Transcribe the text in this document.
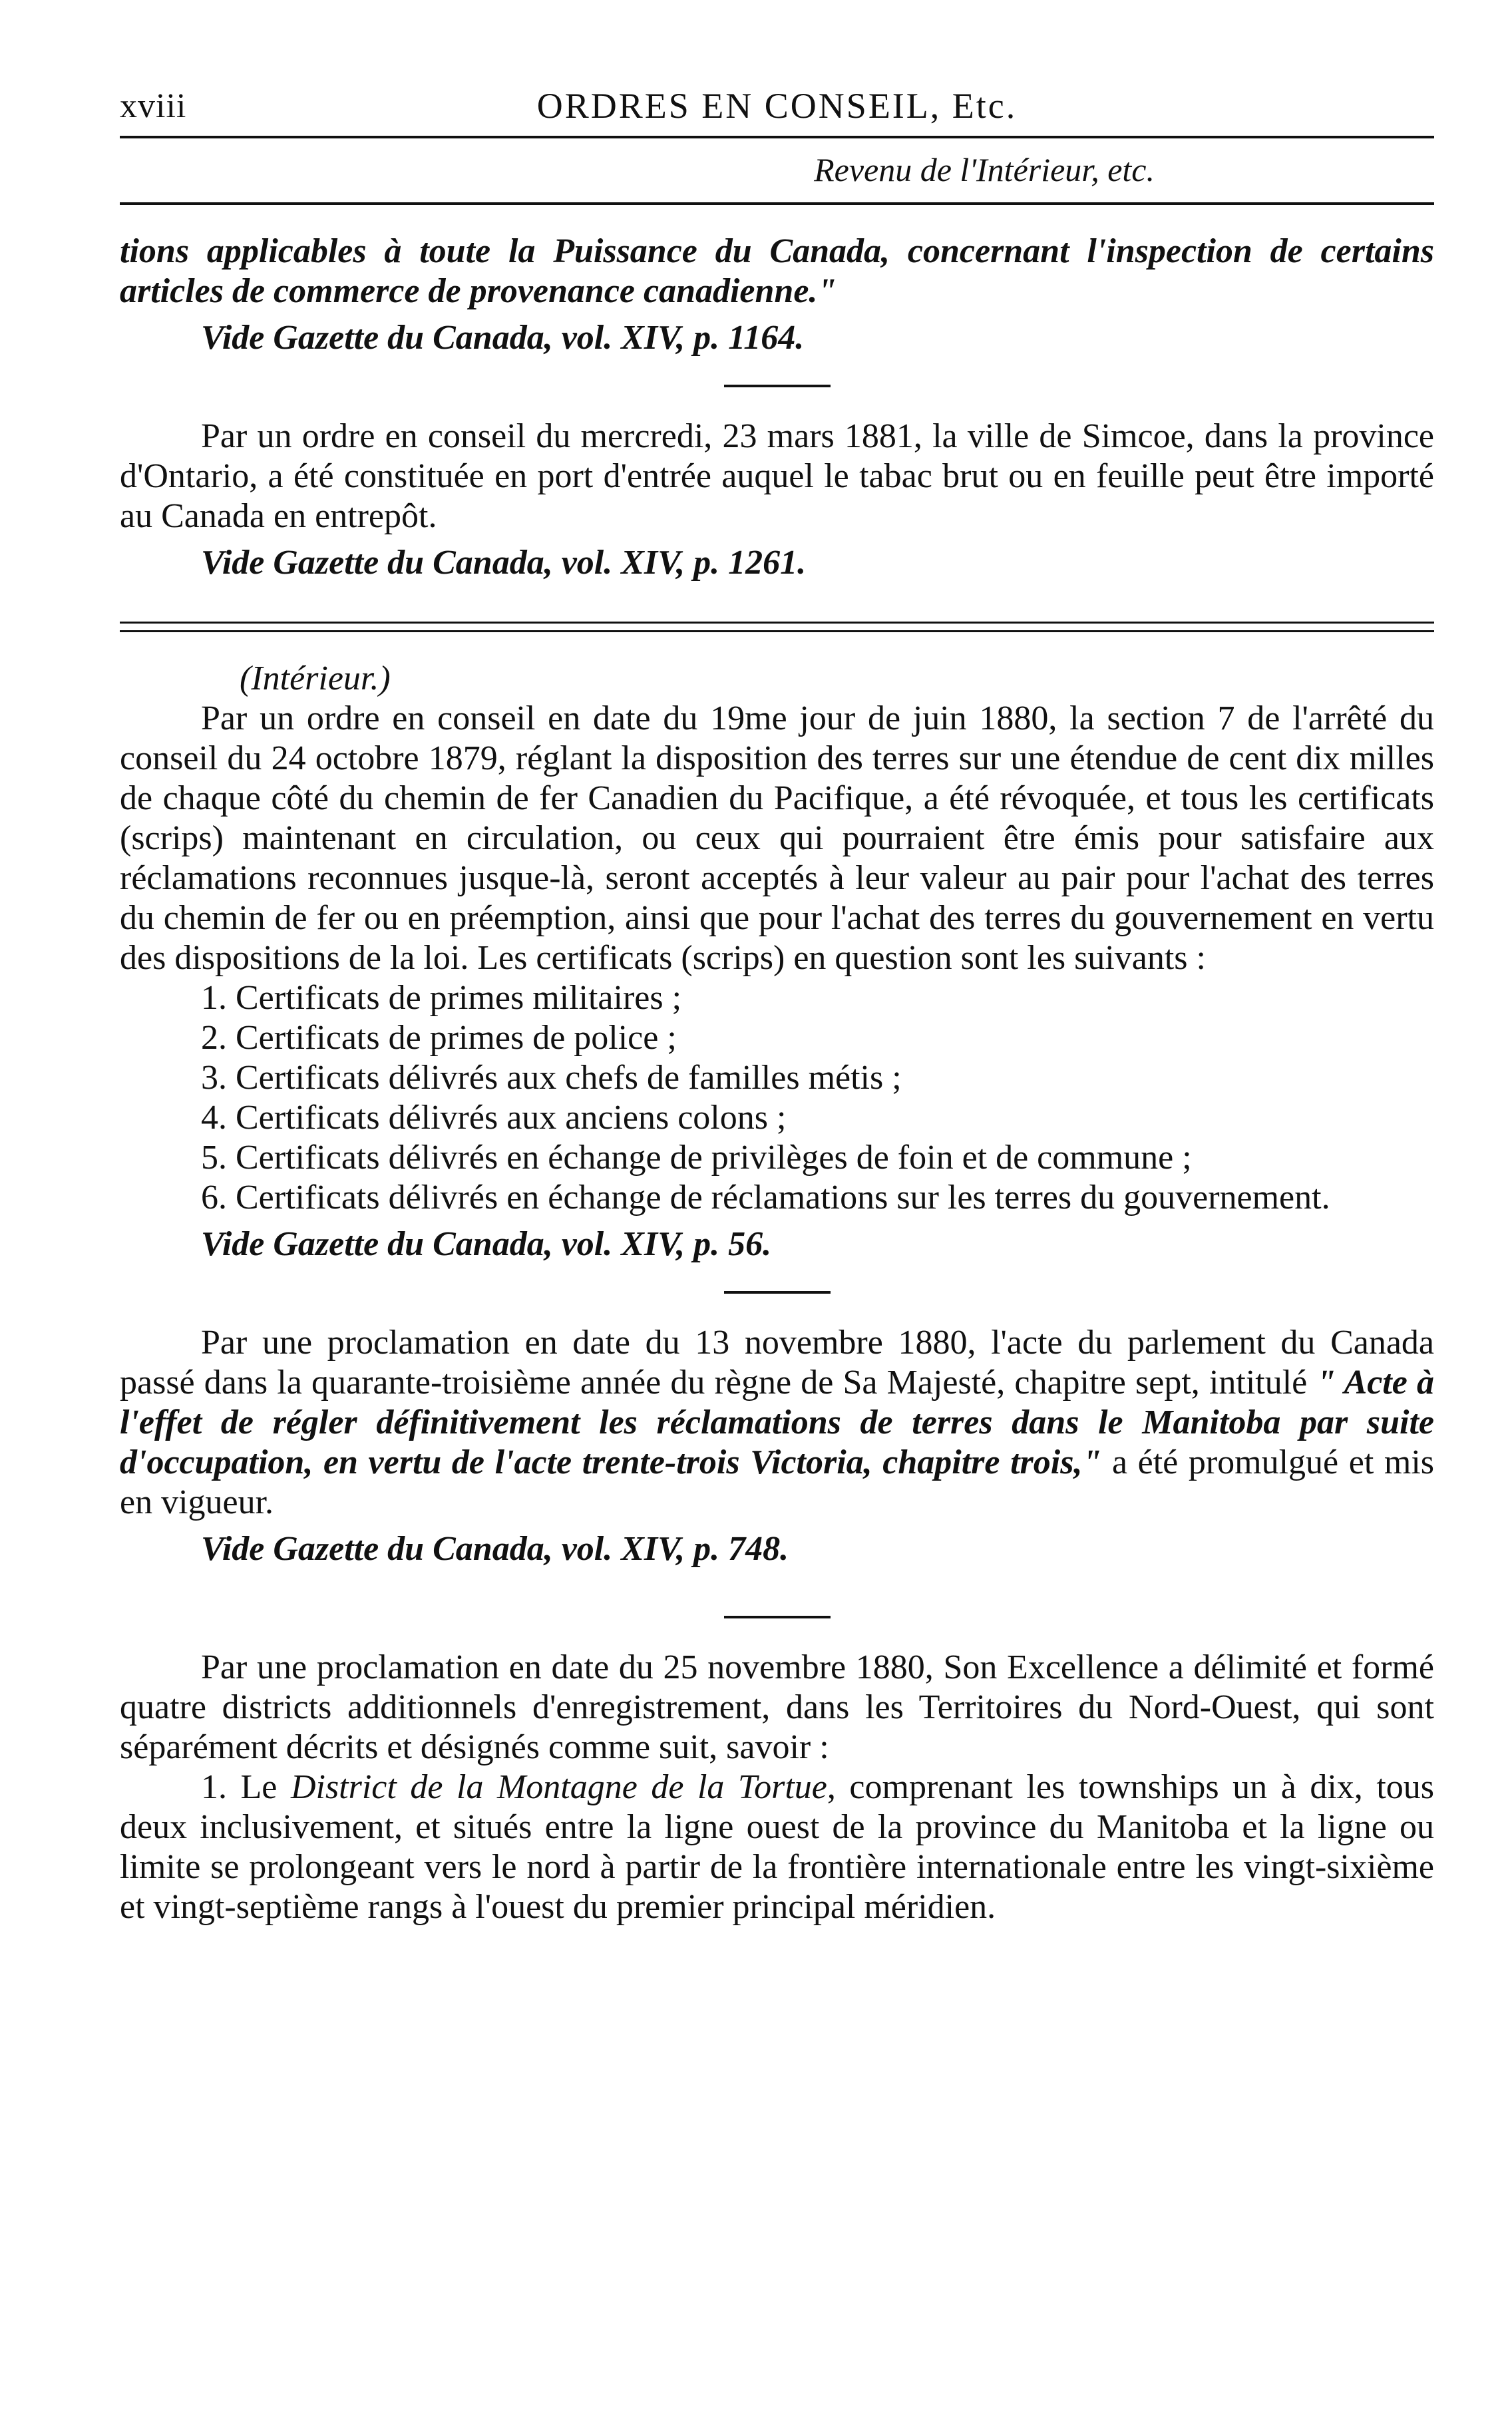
xviii	ORDRES EN CONSEIL, Etc.
Revenu de l'Intérieur, etc.

tions applicables à toute la Puissance du Canada, concernant l'inspection de certains articles de commerce de provenance canadienne."

Vide Gazette du Canada, vol. XIV, p. 1164.

Par un ordre en conseil du mercredi, 23 mars 1881, la ville de Simcoe, dans la province d'Ontario, a été constituée en port d'entrée auquel le tabac brut ou en feuille peut être importé au Canada en entrepôt.

Vide Gazette du Canada, vol. XIV, p. 1261.
(Intérieur.)

Par un ordre en conseil en date du 19me jour de juin 1880, la section 7 de l'arrêté du conseil du 24 octobre 1879, réglant la disposition des terres sur une étendue de cent dix milles de chaque côté du chemin de fer Canadien du Pacifique, a été révoquée, et tous les certificats (scrips) maintenant en circulation, ou ceux qui pourraient être émis pour satisfaire aux réclamations reconnues jusque-là, seront acceptés à leur valeur au pair pour l'achat des terres du chemin de fer ou en préemption, ainsi que pour l'achat des terres du gouvernement en vertu des dispositions de la loi. Les certificats (scrips) en question sont les suivants :

1. Certificats de primes militaires ;
2. Certificats de primes de police ;
3. Certificats délivrés aux chefs de familles métis ;
4. Certificats délivrés aux anciens colons ;
5. Certificats délivrés en échange de privilèges de foin et de commune ;
6. Certificats délivrés en échange de réclamations sur les terres du gouvernement.
Vide Gazette du Canada, vol. XIV, p. 56.

Par une proclamation en date du 13 novembre 1880, l'acte du parlement du Canada passé dans la quarante-troisième année du règne de Sa Majesté, chapitre sept, intitulé " Acte à l'effet de régler définitivement les réclamations de terres dans le Manitoba par suite d'occupation, en vertu de l'acte trente-trois Victoria, chapitre trois," a été promulgué et mis en vigueur.

Vide Gazette du Canada, vol. XIV, p. 748.

Par une proclamation en date du 25 novembre 1880, Son Excellence a délimité et formé quatre districts additionnels d'enregistrement, dans les Territoires du Nord-Ouest, qui sont séparément décrits et désignés comme suit, savoir :

1. Le District de la Montagne de la Tortue, comprenant les townships un à dix, tous deux inclusivement, et situés entre la ligne ouest de la province du Manitoba et la ligne ou limite se prolongeant vers le nord à partir de la frontière internationale entre les vingt-sixième et vingt-septième rangs à l'ouest du premier principal méridien.
